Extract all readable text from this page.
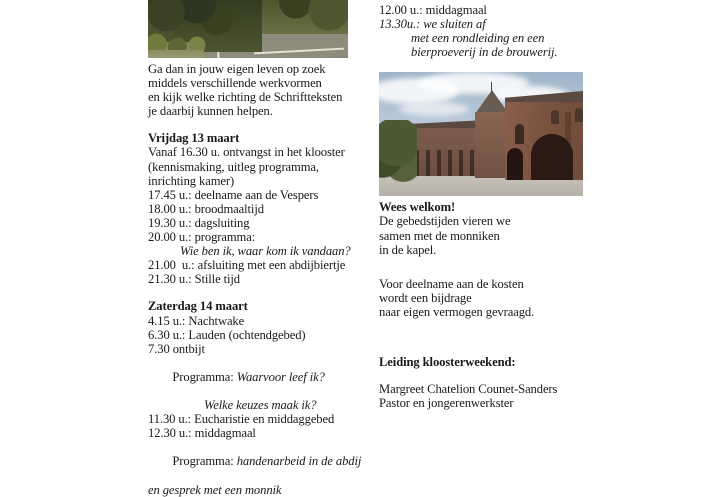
Ga dan in jouw eigen leven op zoek
middels verschillende werkvormen
en kijk welke richting de Schriftteksten
je daarbij kunnen helpen.
Vrijdag 13 maart
Vanaf 16.30 u. ontvangst in het klooster
(kennismaking, uitleg programma,
inrichting kamer)
17.45 u.: deelname aan de Vespers
18.00 u.: broodmaaltijd
19.30 u.: dagsluiting
20.00 u.: programma:
Wie ben ik, waar kom ik vandaan?
21.00  u.: afsluiting met een abdijbiertje
21.30 u.: Stille tijd
Zaterdag 14 maart
4.15 u.: Nachtwake
6.30 u.: Lauden (ochtendgebed)
7.30 ontbijt

Programma: Waarvoor leef ik?

Welke keuzes maak ik?
11.30 u.: Eucharistie en middaggebed
12.30 u.: middagmaal

Programma: handenarbeid in de abdij

en gesprek met een monnik
12.00 u.: middagmaal
13.30u.: we sluiten af
met een rondleiding en een
bierproeverij in de brouwerij.
Wees welkom!
De gebedstijden vieren we
samen met de monniken
in de kapel.
Voor deelname aan de kosten
wordt een bijdrage
naar eigen vermogen gevraagd.
Leiding kloosterweekend:
Margreet Chatelion Counet-Sanders
Pastor en jongerenwerkster
